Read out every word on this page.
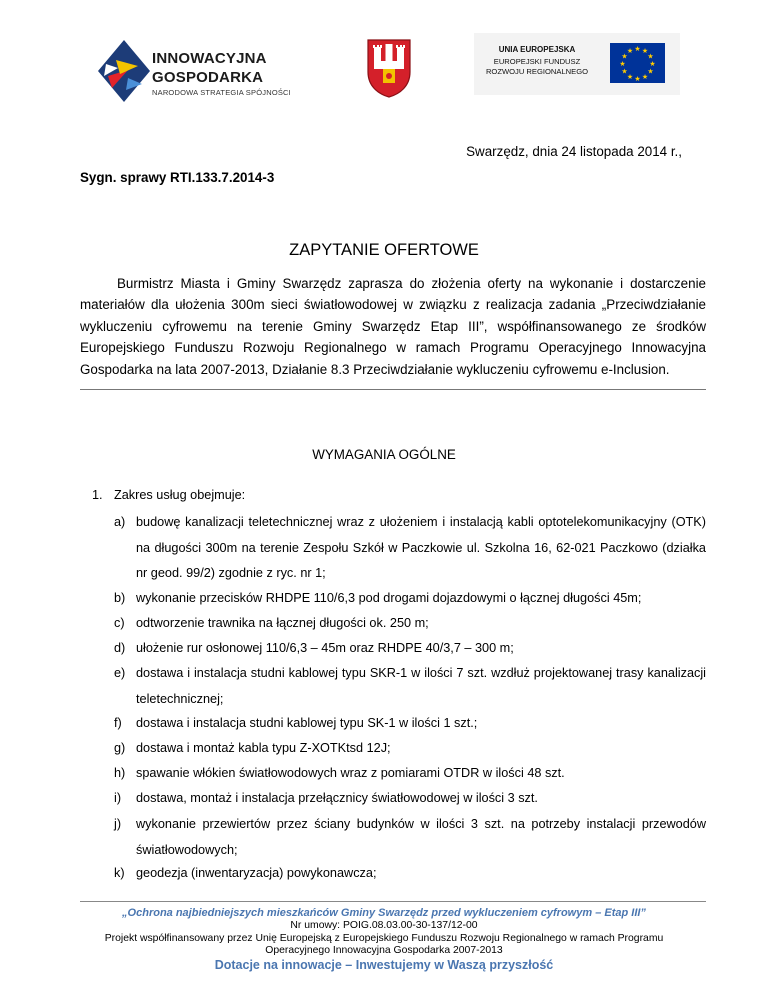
INNOWACYJNA
GOSPODARKA
NARODOWA STRATEGIA SPÓJNOŚCI
UNIA EUROPEJSKA
EUROPEJSKI FUNDUSZ
ROZWOJU REGIONALNEGO
★ ★
★
★
★
★
★
★
★
★
★
★
Swarzędz, dnia 24 listopada 2014 r.,
Sygn. sprawy RTI.133.7.2014-3
ZAPYTANIE OFERTOWE
Burmistrz Miasta i Gminy Swarzędz zaprasza do złożenia oferty na wykonanie i dostarczenie materiałów dla ułożenia 300m sieci światłowodowej w związku z realizacja zadania „Przeciwdziałanie wykluczeniu cyfrowemu na terenie Gminy Swarzędz Etap III”, współfinansowanego ze środków Europejskiego Funduszu Rozwoju Regionalnego w ramach Programu Operacyjnego Innowacyjna Gospodarka na lata 2007-2013, Działanie 8.3 Przeciwdziałanie wykluczeniu cyfrowemu e-Inclusion.
WYMAGANIA OGÓLNE
1. Zakres usług obejmuje:
a) budowę kanalizacji teletechnicznej wraz z ułożeniem i instalacją kabli optotelekomunikacyjny (OTK) na długości 300m na terenie Zespołu Szkół w Paczkowie ul. Szkolna 16, 62-021 Paczkowo (działka nr geod. 99/2) zgodnie z ryc. nr 1;
b) wykonanie przecisków RHDPE 110/6,3 pod drogami dojazdowymi o łącznej długości 45m;
c) odtworzenie trawnika na łącznej długości ok. 250 m;
d) ułożenie rur osłonowej 110/6,3 – 45m oraz RHDPE 40/3,7 – 300 m;
e) dostawa i instalacja studni kablowej typu SKR-1 w ilości 7 szt. wzdłuż projektowanej trasy kanalizacji teletechnicznej;
f)	dostawa i instalacja studni kablowej typu SK-1 w ilości 1 szt.;
g) dostawa i montaż kabla typu Z-XOTKtsd 12J;
h) spawanie włókien światłowodowych wraz z pomiarami OTDR w ilości 48 szt.
i)	dostawa, montaż i instalacja przełącznicy światłowodowej w ilości 3 szt.
j)	wykonanie przewiertów przez ściany budynków w ilości 3 szt. na potrzeby instalacji przewodów światłowodowych;
k) geodezja (inwentaryzacja) powykonawcza;
„Ochrona najbiedniejszych mieszkańców Gminy Swarzędz przed wykluczeniem cyfrowym – Etap III”
Nr umowy: POIG.08.03.00-30-137/12-00
Projekt współfinansowany przez Unię Europejską z Europejskiego Funduszu Rozwoju Regionalnego w ramach Programu
Operacyjnego Innowacyjna Gospodarka 2007-2013
Dotacje na innowacje – Inwestujemy w Waszą przyszłość
